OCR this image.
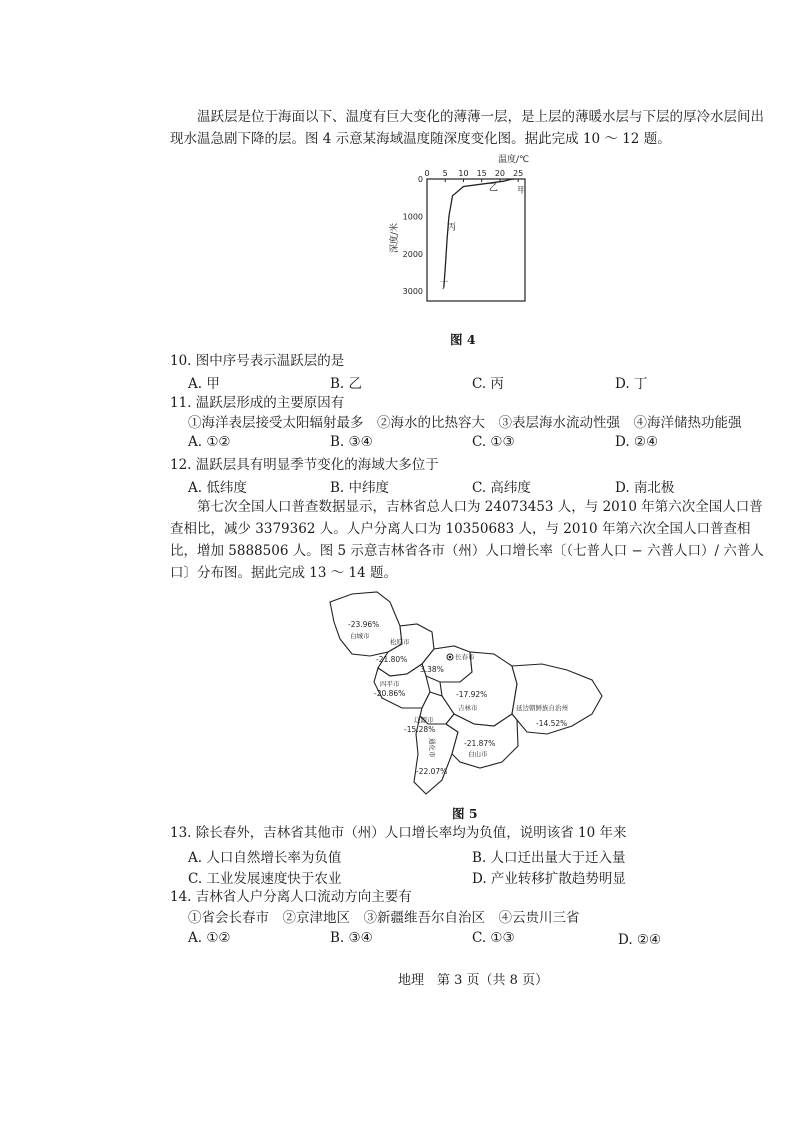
温跃层是位于海面以下、温度有巨大变化的薄薄一层，是上层的薄暖水层与下层的厚冷水层间出现水温急剧下降的层。图 4 示意某海域温度随深度变化图。据此完成 10 ～ 12 题。
温度/℃
0 5 10 15 20 25
0
1000
2000
3000
深度/米
甲
乙
丙
丁
图 4
10. 图中序号表示温跃层的是
A. 甲	B. 乙	C. 丙	D. 丁
11. 温跃层形成的主要原因有
①海洋表层接受太阳辐射最多　②海水的比热容大　③表层海水流动性强　④海洋储热功能强
A. ①②	B. ③④	C. ①③	D. ②④
12. 温跃层具有明显季节变化的海域大多位于
A. 低纬度	B. 中纬度	C. 高纬度	D. 南北极
第七次全国人口普查数据显示，吉林省总人口为 24073453 人，与 2010 年第六次全国人口普查相比，减少 3379362 人。人户分离人口为 10350683 人，与 2010 年第六次全国人口普查相比，增加 5888506 人。图 5 示意吉林省各市（州）人口增长率〔（七普人口 − 六普人口）/ 六普人口〕分布图。据此完成 13 ～ 14 题。
-23.96%
白城市
松原市
-21.80%	长春市
3.38%
四平市
-20.86%	-17.92%
吉林市	延边朝鲜族自治州
-14.52%
辽源市
-15.28%
通化市
-22.07%
-21.87%
白山市
图 5
13. 除长春外，吉林省其他市（州）人口增长率均为负值，说明该省 10 年来
A. 人口自然增长率为负值	B. 人口迁出量大于迁入量
C. 工业发展速度快于农业	D. 产业转移扩散趋势明显
14. 吉林省人户分离人口流动方向主要有
①省会长春市　②京津地区　③新疆维吾尔自治区　④云贵川三省
A. ①②	B. ③④	C. ①③	D. ②④
地理　第 3 页（共 8 页）
